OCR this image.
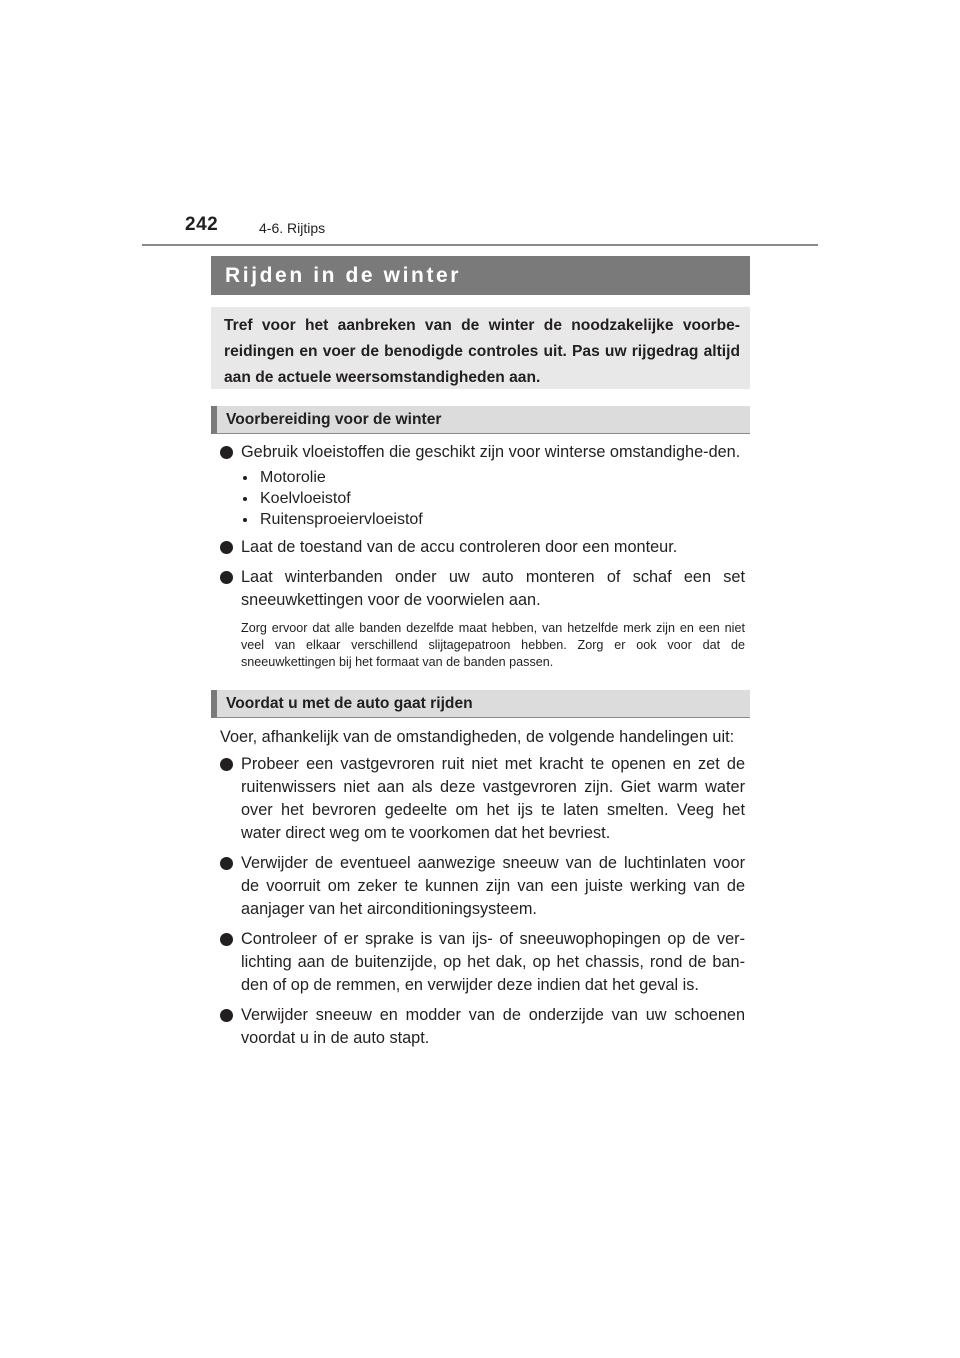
242	4-6. Rijtips
Rijden in de winter
Tref voor het aanbreken van de winter de noodzakelijke voorbe-reidingen en voer de benodigde controles uit. Pas uw rijgedrag altijd aan de actuele weersomstandigheden aan.
Voorbereiding voor de winter
Gebruik vloeistoffen die geschikt zijn voor winterse omstandighe-den.
Motorolie
Koelvloeistof
Ruitensproeiervloeistof
Laat de toestand van de accu controleren door een monteur.
Laat winterbanden onder uw auto monteren of schaf een set sneeuwkettingen voor de voorwielen aan.
Zorg ervoor dat alle banden dezelfde maat hebben, van hetzelfde merk zijn en een niet veel van elkaar verschillend slijtagepatroon hebben. Zorg er ook voor dat de sneeuwkettingen bij het formaat van de banden passen.
Voordat u met de auto gaat rijden
Voer, afhankelijk van de omstandigheden, de volgende handelingen uit:
Probeer een vastgevroren ruit niet met kracht te openen en zet de ruitenwissers niet aan als deze vastgevroren zijn. Giet warm water over het bevroren gedeelte om het ijs te laten smelten. Veeg het water direct weg om te voorkomen dat het bevriest.
Verwijder de eventueel aanwezige sneeuw van de luchtinlaten voor de voorruit om zeker te kunnen zijn van een juiste werking van de aanjager van het airconditioningsysteem.
Controleer of er sprake is van ijs- of sneeuwophopingen op de ver-lichting aan de buitenzijde, op het dak, op het chassis, rond de ban-den of op de remmen, en verwijder deze indien dat het geval is.
Verwijder sneeuw en modder van de onderzijde van uw schoenen voordat u in de auto stapt.
